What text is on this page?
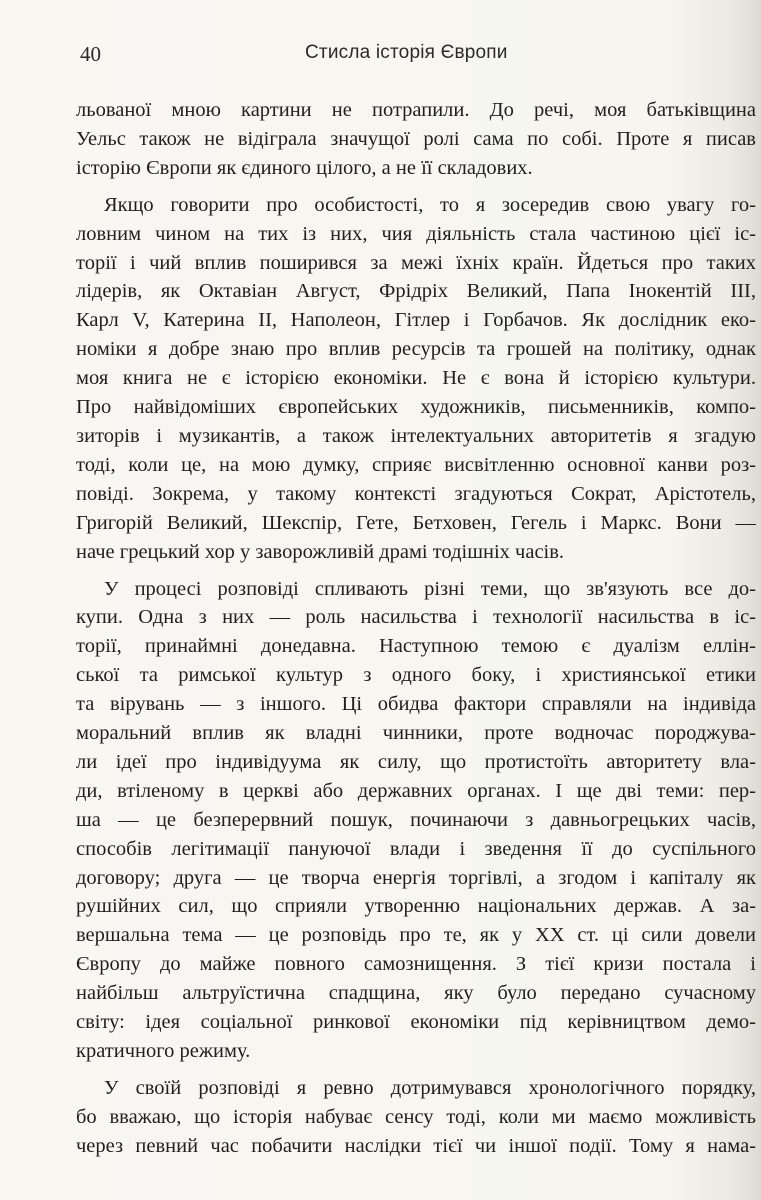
40	Стисла історія Європи
льованої мною картини не потрапили. До речі, моя батьківщина
Уельс також не відіграла значущої ролі сама по собі. Проте я писав
історію Європи як єдиного цілого, а не її складових.
Якщо говорити про особистості, то я зосередив свою увагу го-
ловним чином на тих із них, чия діяльність стала частиною цієї іс-
торії і чий вплив поширився за межі їхніх країн. Йдеться про таких
лідерів, як Октавіан Август, Фрідріх Великий, Папа Інокентій III,
Карл V, Катерина II, Наполеон, Гітлер і Горбачов. Як дослідник еко-
номіки я добре знаю про вплив ресурсів та грошей на політику, однак
моя книга не є історією економіки. Не є вона й історією культури.
Про найвідоміших європейських художників, письменників, компо-
зиторів і музикантів, а також інтелектуальних авторитетів я згадую
тоді, коли це, на мою думку, сприяє висвітленню основної канви роз-
повіді. Зокрема, у такому контексті згадуються Сократ, Арістотель,
Григорій Великий, Шекспір, Гете, Бетховен, Гегель і Маркс. Вони —
наче грецький хор у заворожливій драмі тодішніх часів.
У процесі розповіді спливають різні теми, що зв'язують все до-
купи. Одна з них — роль насильства і технології насильства в іс-
торії, принаймні донедавна. Наступною темою є дуалізм еллін-
ської та римської культур з одного боку, і християнської етики
та вірувань — з іншого. Ці обидва фактори справляли на індивіда
моральний вплив як владні чинники, проте водночас породжува-
ли ідеї про індивідуума як силу, що протистоїть авторитету вла-
ди, втіленому в церкві або державних органах. І ще дві теми: пер-
ша — це безперервний пошук, починаючи з давньогрецьких часів,
способів легітимації пануючої влади і зведення її до суспільного
договору; друга — це творча енергія торгівлі, а згодом і капіталу як
рушійних сил, що сприяли утворенню національних держав. А за-
вершальна тема — це розповідь про те, як у XX ст. ці сили довели
Європу до майже повного самознищення. З тієї кризи постала і
найбільш альтруїстична спадщина, яку було передано сучасному
світу: ідея соціальної ринкової економіки під керівництвом демо-
кратичного режиму.
У своїй розповіді я ревно дотримувався хронологічного порядку,
бо вважаю, що історія набуває сенсу тоді, коли ми маємо можливість
через певний час побачити наслідки тієї чи іншої події. Тому я нама-
